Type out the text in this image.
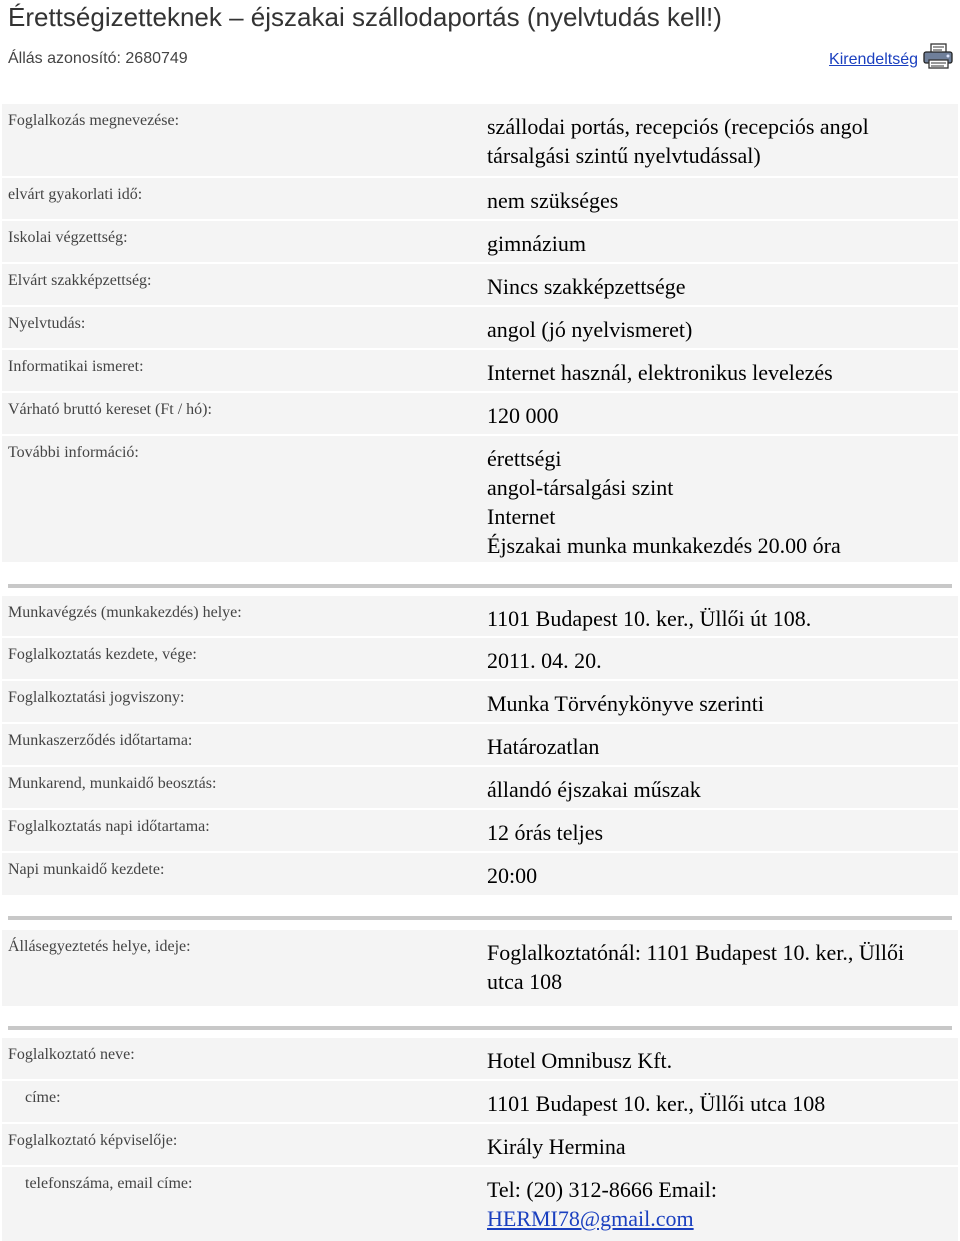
Érettségizetteknek – éjszakai szállodaportás (nyelvtudás kell!)
Állás azonosító: 2680749	Kirendeltség
Foglalkozás megnevezése:	szállodai portás, recepciós (recepciós angol társalgási szintű nyelvtudással)
elvárt gyakorlati idő:	nem szükséges
Iskolai végzettség:	gimnázium
Elvárt szakképzettség:	Nincs szakképzettsége
Nyelvtudás:	angol (jó nyelvismeret)
Informatikai ismeret:	Internet használ, elektronikus levelezés
Várható bruttó kereset (Ft / hó):	120 000
További információ:	érettségi
angol-társalgási szint
Internet
Éjszakai munka munkakezdés 20.00 óra
Munkavégzés (munkakezdés) helye:	1101 Budapest 10. ker., Üllői út 108.
Foglalkoztatás kezdete, vége:	2011. 04. 20.
Foglalkoztatási jogviszony:	Munka Törvénykönyve szerinti
Munkaszerződés időtartama:	Határozatlan
Munkarend, munkaidő beosztás:	állandó éjszakai műszak
Foglalkoztatás napi időtartama:	12 órás teljes
Napi munkaidő kezdete:	20:00
Állásegyeztetés helye, ideje:	Foglalkoztatónál: 1101 Budapest 10. ker., Üllői utca 108
Foglalkoztató neve:	Hotel Omnibusz Kft.
címe:	1101 Budapest 10. ker., Üllői utca 108
Foglalkoztató képviselője:	Király Hermina
telefonszáma, email címe:	Tel: (20) 312-8666 Email:
HERMI78@gmail.com
